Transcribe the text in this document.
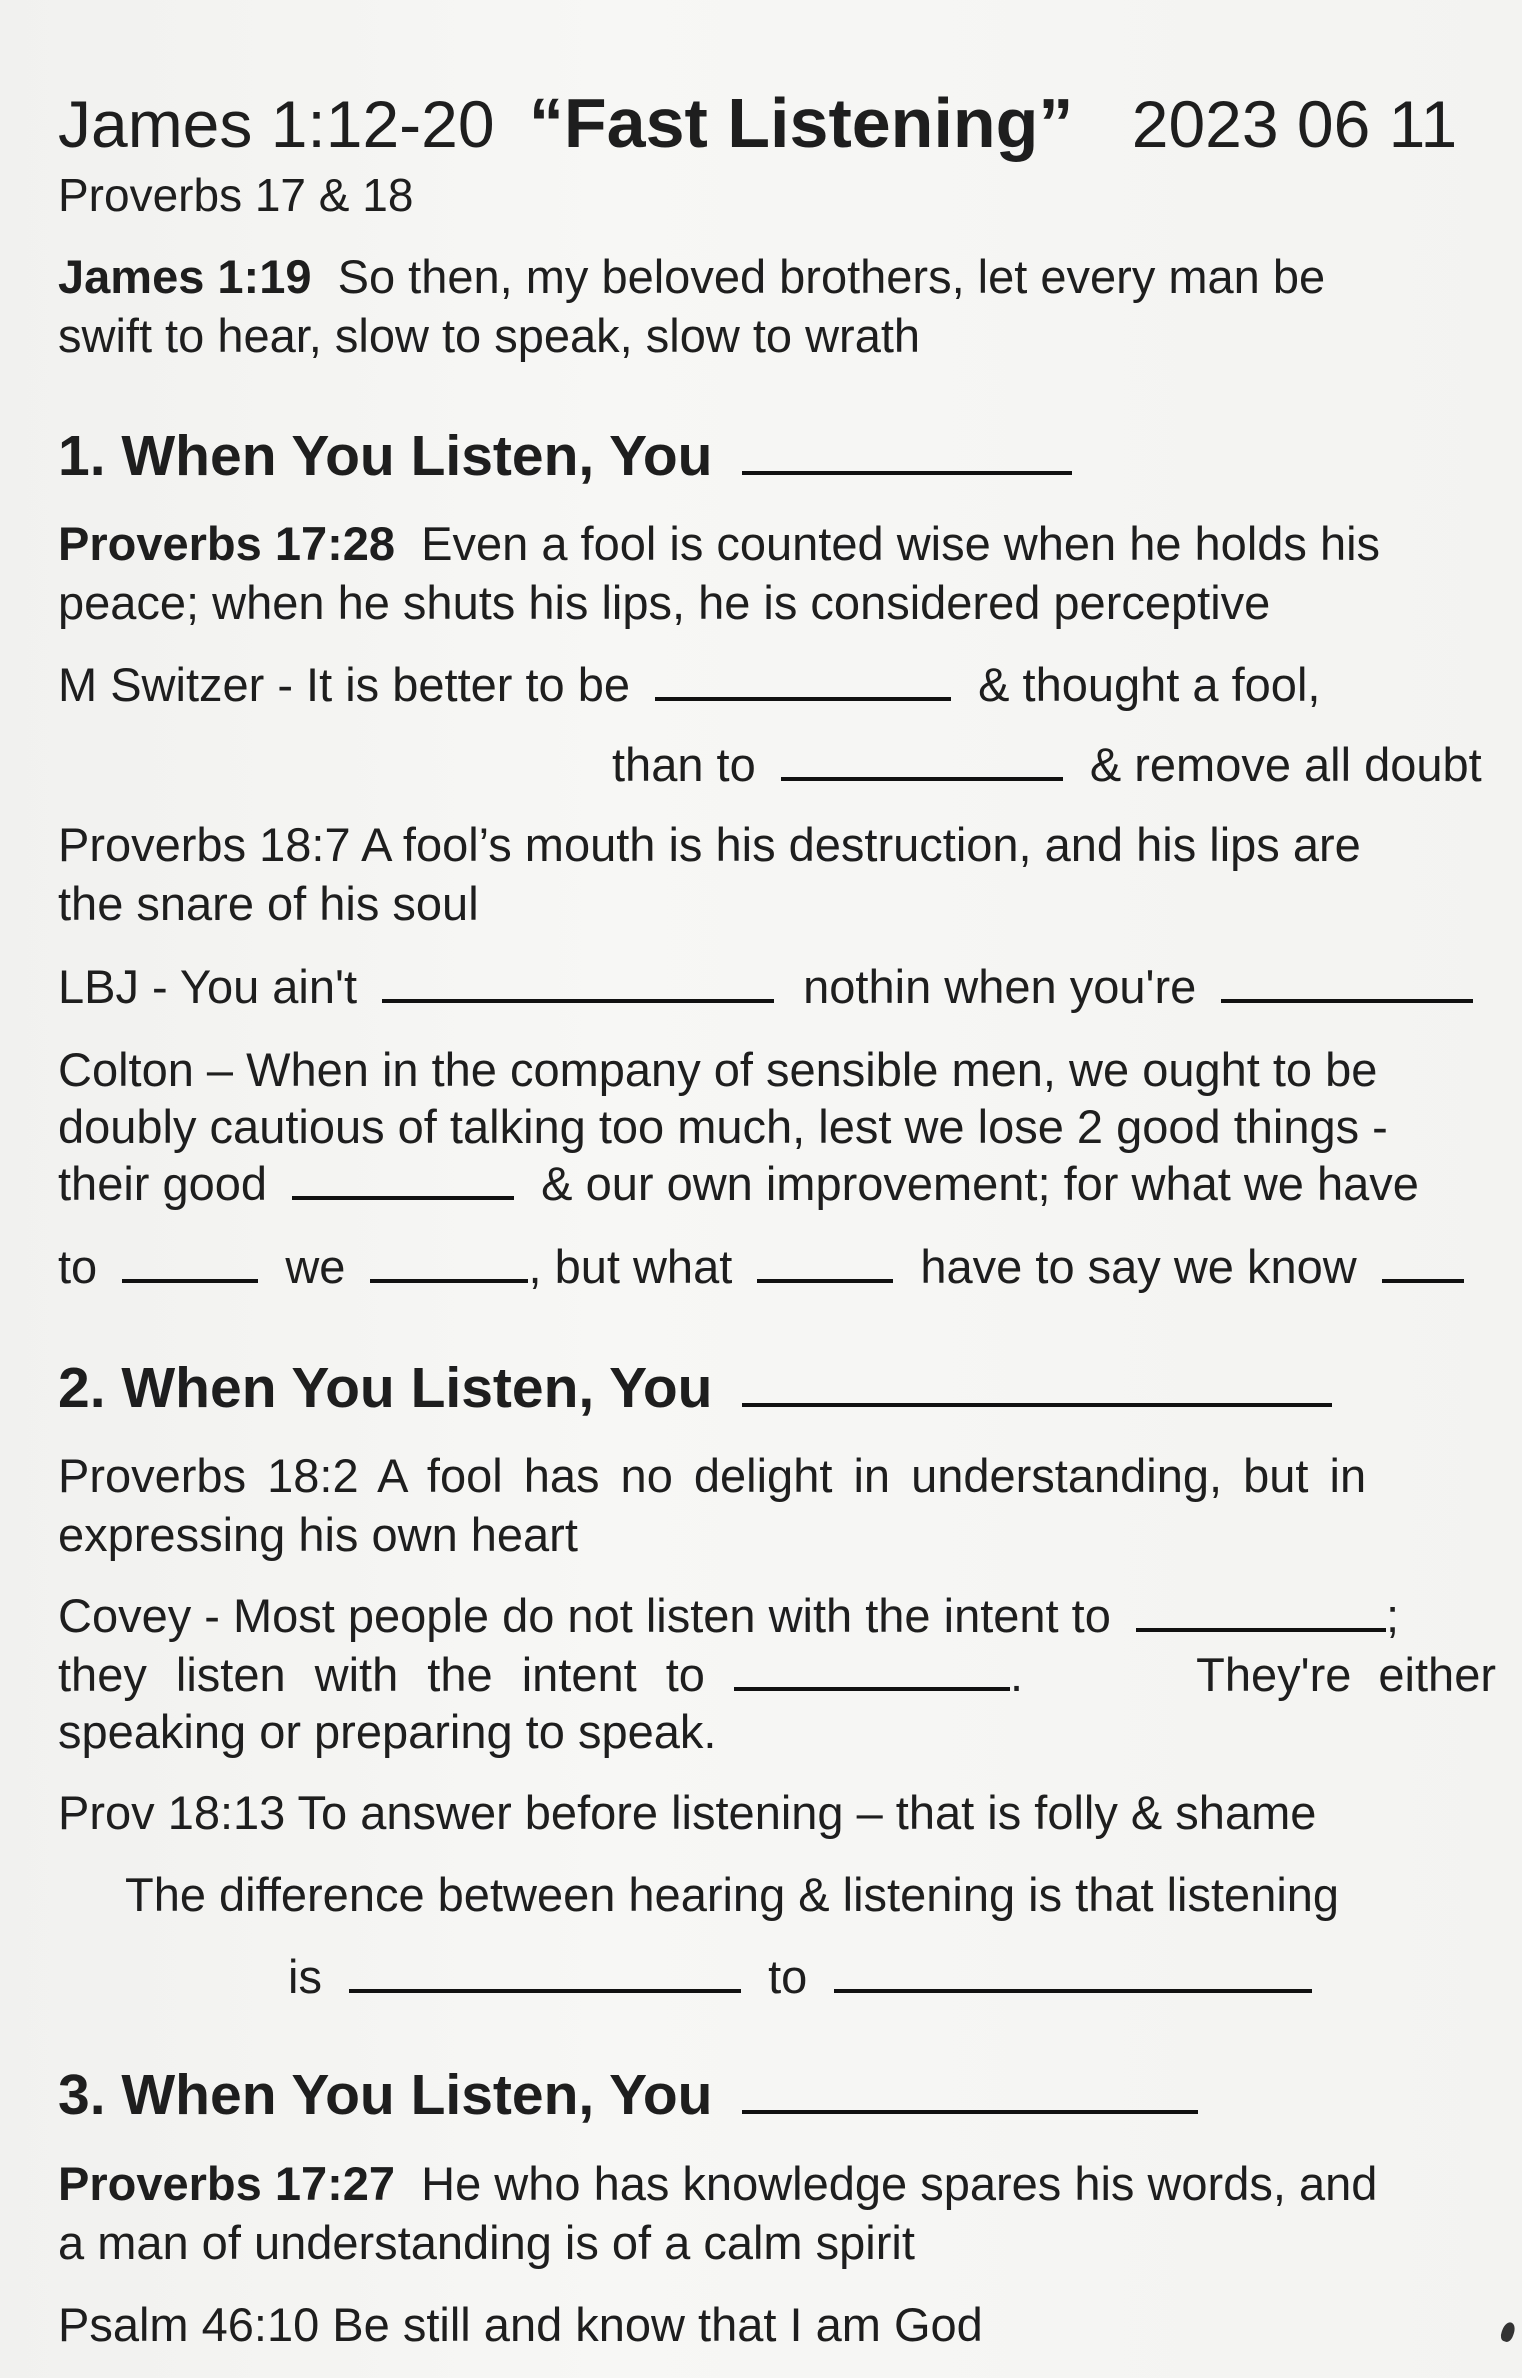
James 1:12-20 “Fast Listening” 2023 06 11
Proverbs 17 & 18
James 1:19 So then, my beloved brothers, let every man be
swift to hear, slow to speak, slow to wrath
1. When You Listen, You
Proverbs 17:28 Even a fool is counted wise when he holds his
peace; when he shuts his lips, he is considered perceptive
M Switzer - It is better to be	& thought a fool,
than to	& remove all doubt
Proverbs 18:7 A fool’s mouth is his destruction, and his lips are
the snare of his soul
LBJ - You ain't	nothin when you're
Colton – When in the company of sensible men, we ought to be
doubly cautious of talking too much, lest we lose 2 good things -
their good	& our own improvement; for what we have
to	we	, but what	have to say we know
2. When You Listen, You
Proverbs 18:2 A fool has no delight in understanding, but in
expressing his own heart
Covey - Most people do not listen with the intent to	;
they listen with the intent to	.	They're either
speaking or preparing to speak.
Prov 18:13 To answer before listening – that is folly & shame
The difference between hearing & listening is that listening
is	to
3. When You Listen, You
Proverbs 17:27 He who has knowledge spares his words, and
a man of understanding is of a calm spirit
Psalm 46:10 Be still and know that I am God
